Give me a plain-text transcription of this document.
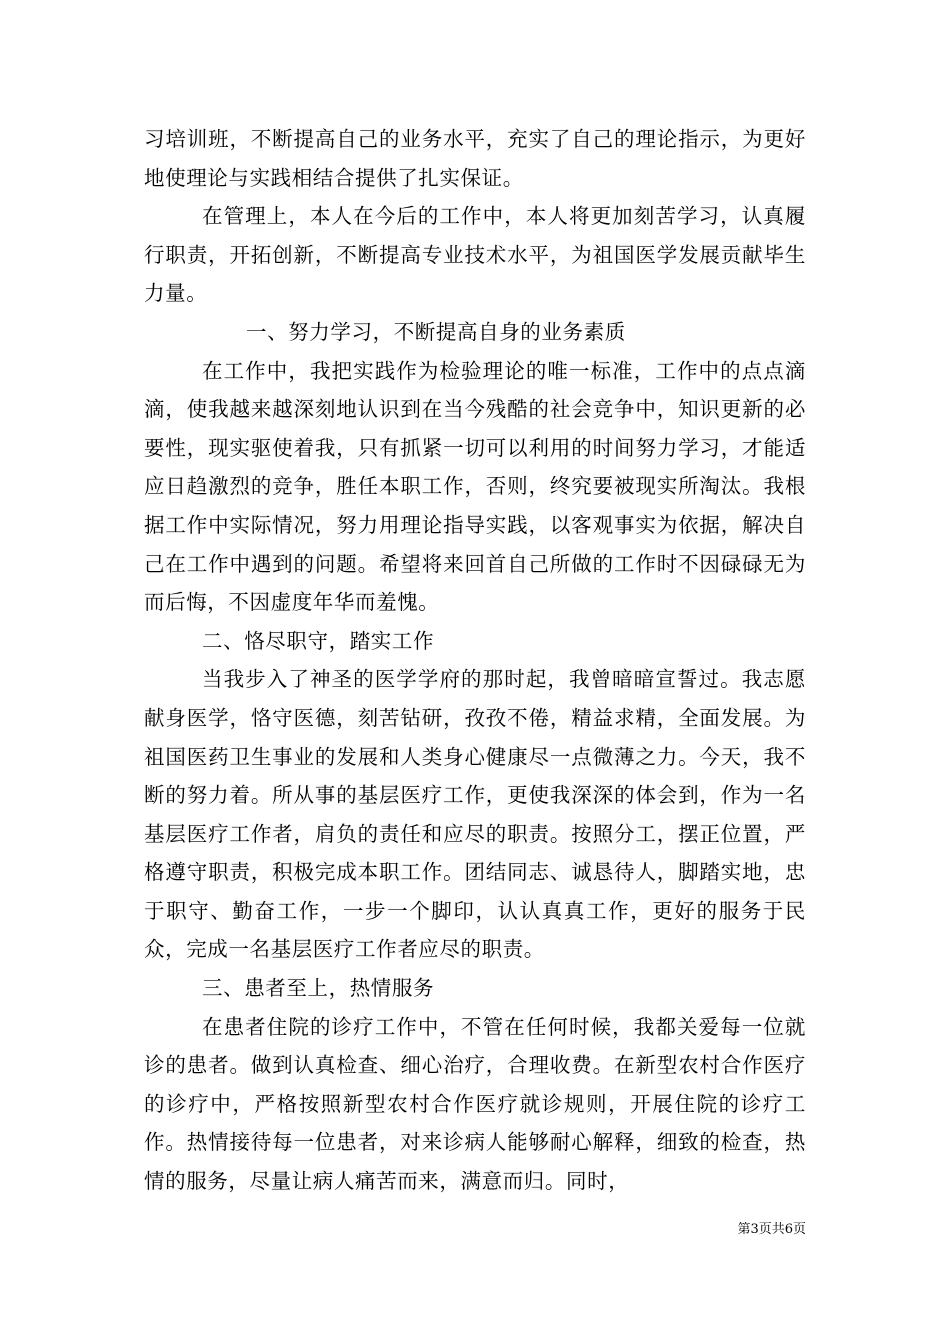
习培训班，不断提高自己的业务水平，充实了自己的理论指示，为更好地使理论与实践相结合提供了扎实保证。

在管理上，本人在今后的工作中，本人将更加刻苦学习，认真履行职责，开拓创新，不断提高专业技术水平，为祖国医学发展贡献毕生力量。

一、努力学习，不断提高自身的业务素质

在工作中，我把实践作为检验理论的唯一标准，工作中的点点滴滴，使我越来越深刻地认识到在当今残酷的社会竞争中，知识更新的必要性，现实驱使着我，只有抓紧一切可以利用的时间努力学习，才能适应日趋激烈的竞争，胜任本职工作，否则，终究要被现实所淘汰。我根据工作中实际情况，努力用理论指导实践，以客观事实为依据，解决自己在工作中遇到的问题。希望将来回首自己所做的工作时不因碌碌无为而后悔，不因虚度年华而羞愧。

二、恪尽职守，踏实工作

当我步入了神圣的医学学府的那时起，我曾暗暗宣誓过。我志愿献身医学，恪守医德，刻苦钻研，孜孜不倦，精益求精，全面发展。为祖国医药卫生事业的发展和人类身心健康尽一点微薄之力。今天，我不断的努力着。所从事的基层医疗工作，更使我深深的体会到，作为一名基层医疗工作者，肩负的责任和应尽的职责。按照分工，摆正位置，严格遵守职责，积极完成本职工作。团结同志、诚恳待人，脚踏实地，忠于职守、勤奋工作，一步一个脚印，认认真真工作，更好的服务于民众，完成一名基层医疗工作者应尽的职责。

三、患者至上，热情服务

在患者住院的诊疗工作中，不管在任何时候，我都关爱每一位就诊的患者。做到认真检查、细心治疗，合理收费。在新型农村合作医疗的诊疗中，严格按照新型农村合作医疗就诊规则，开展住院的诊疗工作。热情接待每一位患者，对来诊病人能够耐心解释，细致的检查，热情的服务，尽量让病人痛苦而来，满意而归。同时，

第3页共6页
